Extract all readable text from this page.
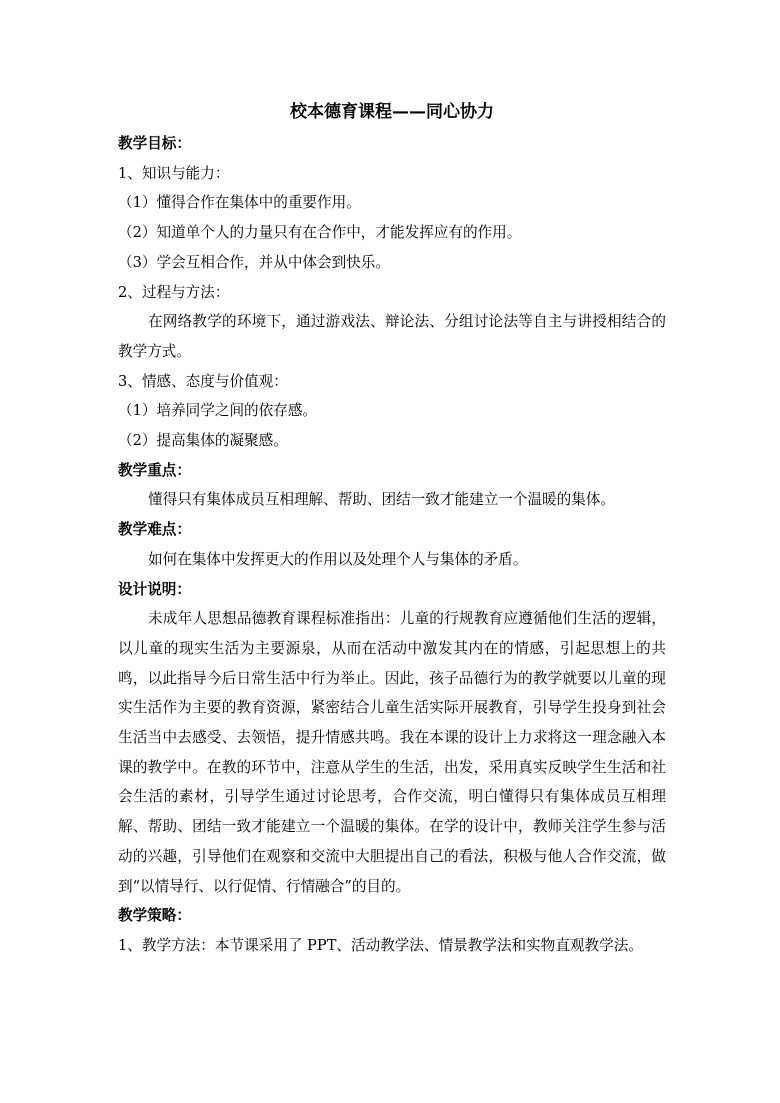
校本德育课程——同心协力
教学目标：
1、知识与能力：
（1）懂得合作在集体中的重要作用。
（2）知道单个人的力量只有在合作中，才能发挥应有的作用。
（3）学会互相合作，并从中体会到快乐。
2、过程与方法：

在网络教学的环境下，通过游戏法、辩论法、分组讨论法等自主与讲授相结合的教学方式。

3、情感、态度与价值观：
（1）培养同学之间的依存感。
（2）提高集体的凝聚感。
教学重点：

懂得只有集体成员互相理解、帮助、团结一致才能建立一个温暖的集体。

教学难点：

如何在集体中发挥更大的作用以及处理个人与集体的矛盾。

设计说明：

未成年人思想品德教育课程标准指出：儿童的行规教育应遵循他们生活的逻辑，以儿童的现实生活为主要源泉，从而在活动中激发其内在的情感，引起思想上的共鸣，以此指导今后日常生活中行为举止。因此，孩子品德行为的教学就要以儿童的现实生活作为主要的教育资源，紧密结合儿童生活实际开展教育，引导学生投身到社会生活当中去感受、去领悟，提升情感共鸣。我在本课的设计上力求将这一理念融入本课的教学中。在教的环节中，注意从学生的生活，出发，采用真实反映学生生活和社会生活的素材，引导学生通过讨论思考，合作交流，明白懂得只有集体成员互相理解、帮助、团结一致才能建立一个温暖的集体。在学的设计中，教师关注学生参与活动的兴趣，引导他们在观察和交流中大胆提出自己的看法，积极与他人合作交流，做到“以情导行、以行促情、行情融合”的目的。

教学策略：
1、教学方法：本节课采用了 PPT、活动教学法、情景教学法和实物直观教学法。
